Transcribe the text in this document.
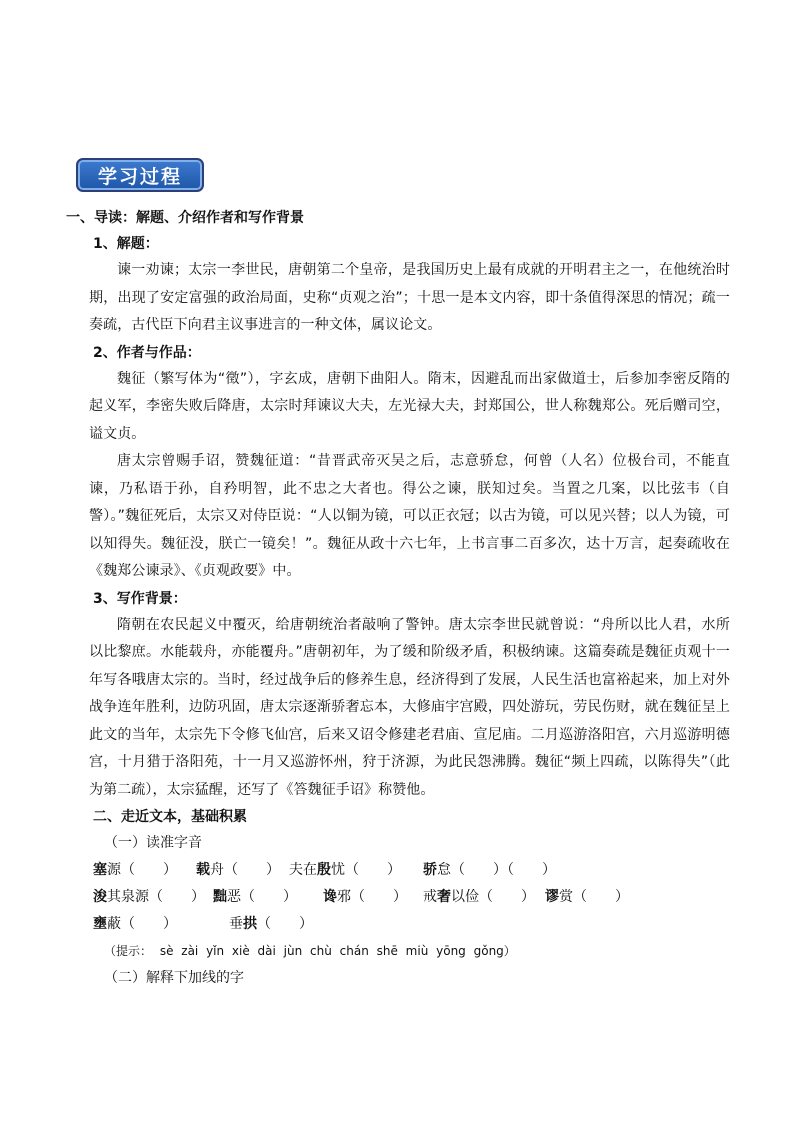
学习过程
一、导读：解题、介绍作者和写作背景
1、解题：

谏一劝谏；太宗一李世民，唐朝第二个皇帝，是我国历史上最有成就的开明君主之一，在他统治时期，出现了安定富强的政治局面，史称“贞观之治”；十思一是本文内容，即十条值得深思的情况；疏一奏疏，古代臣下向君主议事进言的一种文体，属议论文。

2、作者与作品：

魏征（繁写体为“徵”），字玄成，唐朝下曲阳人。隋末，因避乱而出家做道士，后参加李密反隋的起义军，李密失败后降唐，太宗时拜谏议大夫，左光禄大夫，封郑国公，世人称魏郑公。死后赠司空，谥文贞。

唐太宗曾赐手诏，赞魏征道：“昔晋武帝灭吴之后，志意骄怠，何曾（人名）位极台司，不能直谏，乃私语于孙，自矜明智，此不忠之大者也。得公之谏，朕知过矣。当置之几案，以比弦韦（自警）。”魏征死后，太宗又对侍臣说：“人以铜为镜，可以正衣冠；以古为镜，可以见兴替；以人为镜，可以知得失。魏征没，朕亡一镜矣！”。魏征从政十六七年，上书言事二百多次，达十万言，起奏疏收在《魏郑公谏录》、《贞观政要》中。

3、写作背景：

隋朝在农民起义中覆灭，给唐朝统治者敲响了警钟。唐太宗李世民就曾说：“舟所以比人君，水所以比黎庶。水能载舟，亦能覆舟。”唐朝初年，为了缓和阶级矛盾，积极纳谏。这篇奏疏是魏征贞观十一年写各哦唐太宗的。当时，经过战争后的修养生息，经济得到了发展，人民生活也富裕起来，加上对外战争连年胜利，边防巩固，唐太宗逐渐骄奢忘本，大修庙宇宫殿，四处游玩，劳民伤财，就在魏征呈上此文的当年，太宗先下令修飞仙宫，后来又诏令修建老君庙、宣尼庙。二月巡游洛阳宫，六月巡游明德宫，十月猎于洛阳苑，十一月又巡游怀州，狩于济源，为此民怨沸腾。魏征“频上四疏，以陈得失”（此为第二疏），太宗猛醒，还写了《答魏征手诏》称赞他。

二、走近文本，基础积累
（一）读准字音
塞源（　　） 载舟（　　） 夫在殷忧（　　） 骄怠（　　）（　　）
浚其泉源（　　） 黜恶（　　） 谗邪（　　） 戒奢以俭（　　） 谬赏（　　）
壅蔽（　　）	垂拱（　　）
（提示： sè zài yǐn xiè dài jùn chù chán shē miù yōng gǒng）
（二）解释下加线的字
